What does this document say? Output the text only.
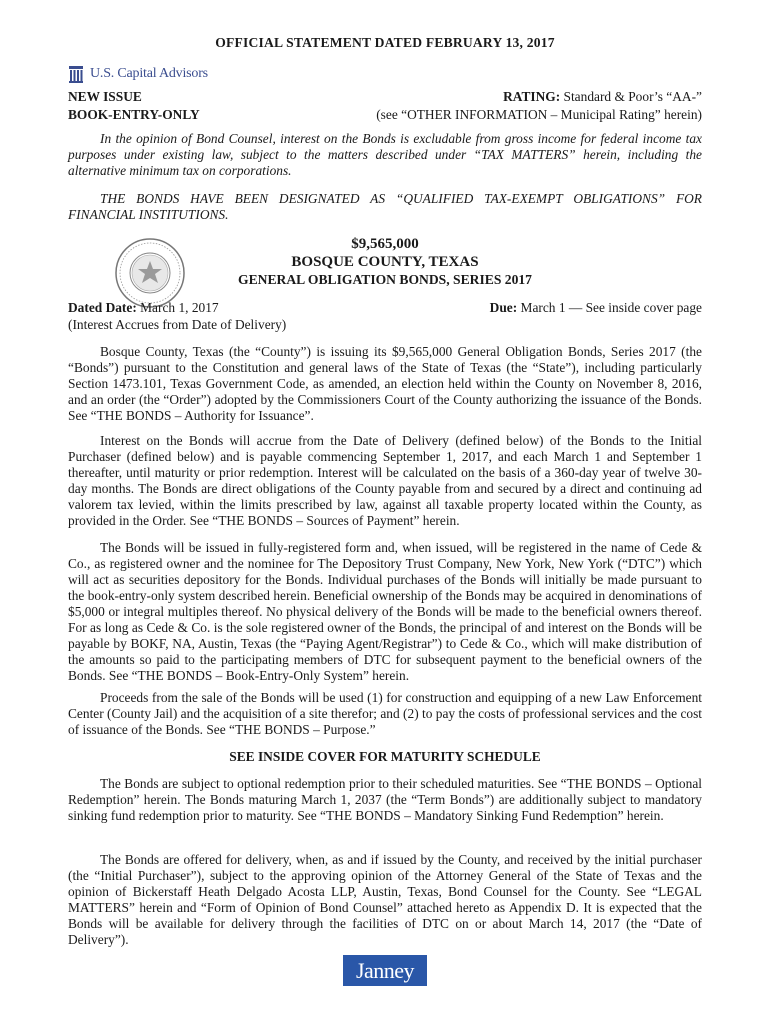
OFFICIAL STATEMENT DATED FEBRUARY 13, 2017
U.S. Capital Advisors
NEW ISSUE
BOOK-ENTRY-ONLY
RATING: Standard & Poor’s “AA-”
(see “OTHER INFORMATION – Municipal Rating” herein)

In the opinion of Bond Counsel, interest on the Bonds is excludable from gross income for federal income tax purposes under existing law, subject to the matters described under “TAX MATTERS” herein, including the alternative minimum tax on corporations.

THE BONDS HAVE BEEN DESIGNATED AS “QUALIFIED TAX-EXEMPT OBLIGATIONS” FOR FINANCIAL INSTITUTIONS.

$9,565,000
BOSQUE COUNTY, TEXAS
GENERAL OBLIGATION BONDS, SERIES 2017
Dated Date: March 1, 2017
(Interest Accrues from Date of Delivery)
Due: March 1 — See inside cover page

Bosque County, Texas (the “County”) is issuing its $9,565,000 General Obligation Bonds, Series 2017 (the “Bonds”) pursuant to the Constitution and general laws of the State of Texas (the “State”), including particularly Section 1473.101, Texas Government Code, as amended, an election held within the County on November 8, 2016, and an order (the “Order”) adopted by the Commissioners Court of the County authorizing the issuance of the Bonds. See “THE BONDS – Authority for Issuance”.

Interest on the Bonds will accrue from the Date of Delivery (defined below) of the Bonds to the Initial Purchaser (defined below) and is payable commencing September 1, 2017, and each March 1 and September 1 thereafter, until maturity or prior redemption. Interest will be calculated on the basis of a 360-day year of twelve 30-day months. The Bonds are direct obligations of the County payable from and secured by a direct and continuing ad valorem tax levied, within the limits prescribed by law, against all taxable property located within the County, as provided in the Order. See “THE BONDS – Sources of Payment” herein.

The Bonds will be issued in fully-registered form and, when issued, will be registered in the name of Cede & Co., as registered owner and the nominee for The Depository Trust Company, New York, New York (“DTC”) which will act as securities depository for the Bonds. Individual purchases of the Bonds will initially be made pursuant to the book-entry-only system described herein. Beneficial ownership of the Bonds may be acquired in denominations of $5,000 or integral multiples thereof. No physical delivery of the Bonds will be made to the beneficial owners thereof. For as long as Cede & Co. is the sole registered owner of the Bonds, the principal of and interest on the Bonds will be payable by BOKF, NA, Austin, Texas (the “Paying Agent/Registrar”) to Cede & Co., which will make distribution of the amounts so paid to the participating members of DTC for subsequent payment to the beneficial owners of the Bonds. See “THE BONDS – Book-Entry-Only System” herein.

Proceeds from the sale of the Bonds will be used (1) for construction and equipping of a new Law Enforcement Center (County Jail) and the acquisition of a site therefor; and (2) to pay the costs of professional services and the cost of issuance of the Bonds. See “THE BONDS – Purpose.”

SEE INSIDE COVER FOR MATURITY SCHEDULE

The Bonds are subject to optional redemption prior to their scheduled maturities. See “THE BONDS – Optional Redemption” herein. The Bonds maturing March 1, 2037 (the “Term Bonds”) are additionally subject to mandatory sinking fund redemption prior to maturity. See “THE BONDS – Mandatory Sinking Fund Redemption” herein.

The Bonds are offered for delivery, when, as and if issued by the County, and received by the initial purchaser (the “Initial Purchaser”), subject to the approving opinion of the Attorney General of the State of Texas and the opinion of Bickerstaff Heath Delgado Acosta LLP, Austin, Texas, Bond Counsel for the County. See “LEGAL MATTERS” herein and “Form of Opinion of Bond Counsel” attached hereto as Appendix D. It is expected that the Bonds will be available for delivery through the facilities of DTC on or about March 14, 2017 (the “Date of Delivery”).

Janney
